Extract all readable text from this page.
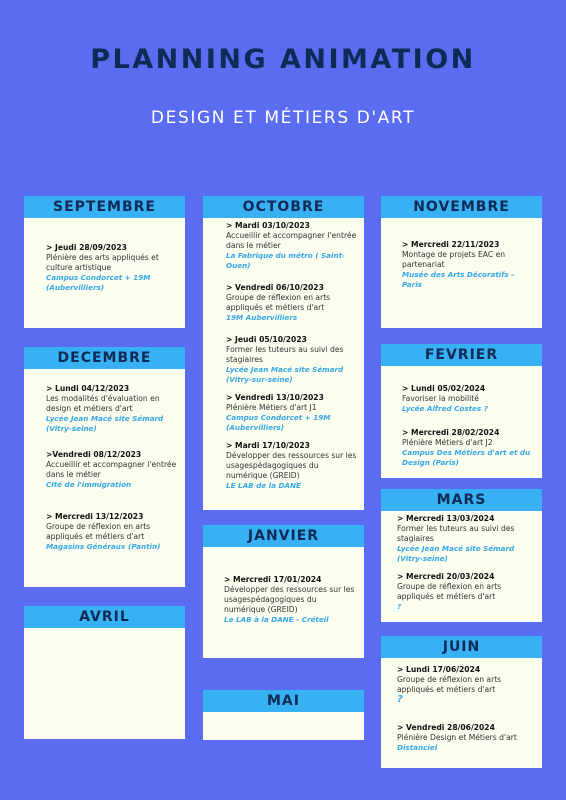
PLANNING ANIMATION
DESIGN ET MÉTIERS D'ART
SEPTEMBRE
> Jeudi 28/09/2023
Plénière des arts appliqués et culture artistique
Campus Condorcet + 19M (Aubervilliers)
OCTOBRE
> Mardi 03/10/2023
Accueillir et accompagner l'entrée dans le métier
La Fabrique du métro ( Saint-Ouen)
> Vendredi 06/10/2023
Groupe de réflexion en arts appliqués et métiers d'art
19M Aubervilliers
> Jeudi 05/10/2023
Former les tuteurs au suivi des stagiaires
Lycée Jean Macé site Sémard (Vitry-sur-seine)
> Vendredi 13/10/2023
Plénière Métiers d'art J1
Campus Condorcet + 19M (Aubervilliers)
> Mardi 17/10/2023
Développer des ressources sur les usagespédagogiques du numérique (GREID)
LE LAB de la DANE
NOVEMBRE
> Mercredi 22/11/2023
Montage de projets EAC en partenariat
Musée des Arts Décoratifs - Paris
DECEMBRE
> Lundi 04/12/2023
Les modalités d'évaluation en design et métiers d'art
Lycée Jean Macé site Sémard (Vitry-seine)
>Vendredi 08/12/2023
Accueillir et accompagner l'entrée dans le métier
Cité de l'immigration
> Mercredi 13/12/2023
Groupe de réflexion en arts appliqués et métiers d'art
Magasins Généraux (Pantin)
FEVRIER
> Lundi 05/02/2024
Favoriser la mobilité
Lycée Alfred Costes ?
> Mercredi 28/02/2024
Plénière Métiers d'art J2
Campus Des Métiers d'art et du Design (Paris)
JANVIER
> Mercredi 17/01/2024
Développer des ressources sur les usagespédagogiques du numérique (GREID)
Le LAB à la DANE - Créteil
MARS
> Mercredi 13/03/2024
Former les tuteurs au suivi des stagiaires
Lycée Jean Macé site Sémard (Vitry-seine)
> Mercredi 20/03/2024
Groupe de réflexion en arts appliqués et métiers d'art
?
AVRIL
MAI
JUIN
> Lundi 17/06/2024
Groupe de réflexion en arts appliqués et métiers d'art
?
> Vendredi 28/06/2024
Plénière Design et Métiers d'art
Distanciel
